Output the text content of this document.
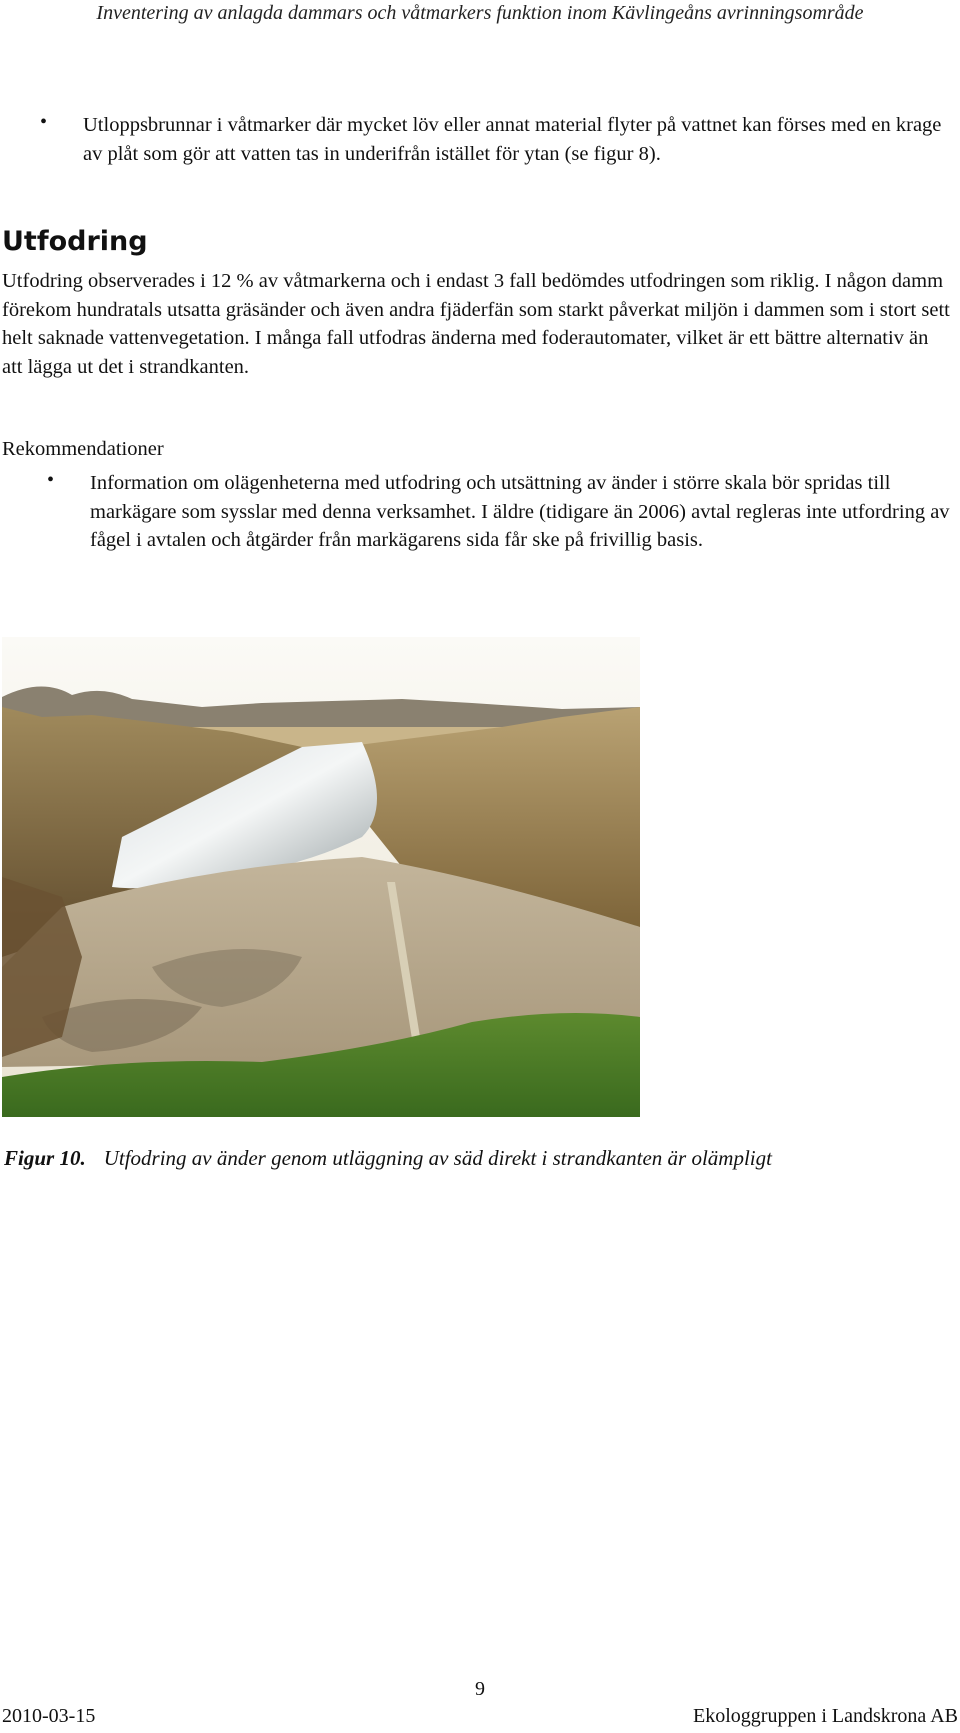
Inventering av anlagda dammars och våtmarkers funktion inom Kävlingeåns avrinningsområde
•	Utloppsbrunnar i våtmarker där mycket löv eller annat material flyter på vattnet kan förses med en krage av plåt som gör att vatten tas in underifrån istället för ytan (se figur 8).
Utfodring
Utfodring observerades i 12 % av våtmarkerna och i endast 3 fall bedömdes utfodringen som riklig. I någon damm förekom hundratals utsatta gräsänder och även andra fjäderfän som starkt påverkat miljön i dammen som i stort sett helt saknade vattenvegetation. I många fall utfodras änderna med foderautomater, vilket är ett bättre alternativ än att lägga ut det i strandkanten.
Rekommendationer
•	Information om olägenheterna med utfodring och utsättning av änder i större skala bör spridas till markägare som sysslar med denna verksamhet. I äldre (tidigare än 2006) avtal regleras inte utfordring av fågel i avtalen och åtgärder från markägarens sida får ske på frivillig basis.
Figur 10. Utfodring av änder genom utläggning av säd direkt i strandkanten är olämpligt
9
2010-03-15	Ekologgruppen i Landskrona AB
